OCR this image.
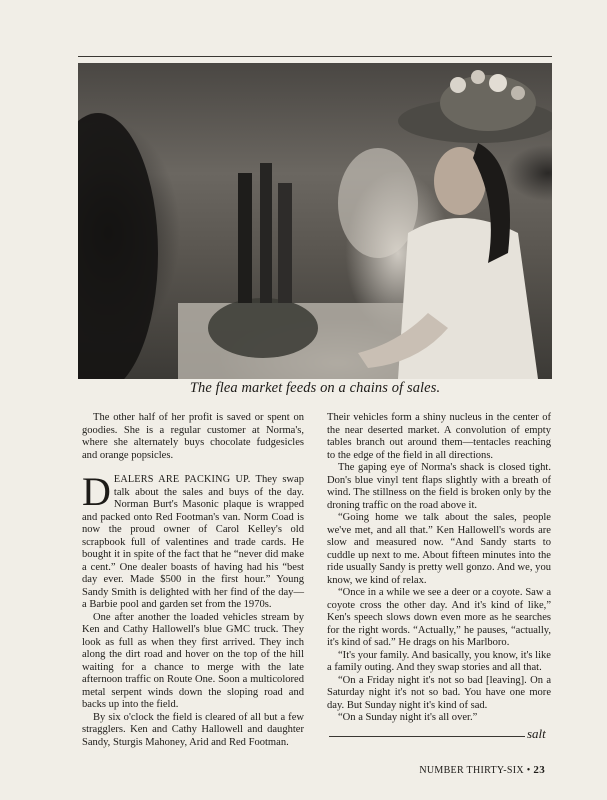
The flea market feeds on a chains of sales.

The other half of her profit is saved or spent on goodies. She is a regular customer at Norma's, where she alternately buys chocolate fudgesicles and orange popsicles.

DEALERS ARE PACKING UP. They swap talk about the sales and buys of the day. Norman Burt's Masonic plaque is wrapped and packed onto Red Footman's van. Norm Coad is now the proud owner of Carol Kelley's old scrapbook full of valentines and trade cards. He bought it in spite of the fact that he “never did make a cent.” One dealer boasts of having had his “best day ever. Made $500 in the first hour.” Young Sandy Smith is delighted with her find of the day—a Barbie pool and garden set from the 1970s.

One after another the loaded vehicles stream by Ken and Cathy Hallowell's blue GMC truck. They look as full as when they first arrived. They inch along the dirt road and hover on the top of the hill waiting for a chance to merge with the late afternoon traffic on Route One. Soon a multicolored metal serpent winds down the sloping road and backs up into the field.

By six o'clock the field is cleared of all but a few stragglers. Ken and Cathy Hallowell and daughter Sandy, Sturgis Mahoney, Arid and Red Footman.

Their vehicles form a shiny nucleus in the center of the near deserted market. A convolution of empty tables branch out around them—tentacles reaching to the edge of the field in all directions.

The gaping eye of Norma's shack is closed tight. Don's blue vinyl tent flaps slightly with a breath of wind. The stillness on the field is broken only by the droning traffic on the road above it.

“Going home we talk about the sales, people we've met, and all that.” Ken Hallowell's words are slow and measured now. “And Sandy starts to cuddle up next to me. About fifteen minutes into the ride usually Sandy is pretty well gonzo. And we, you know, we kind of relax.

“Once in a while we see a deer or a coyote. Saw a coyote cross the other day. And it's kind of like,” Ken's speech slows down even more as he searches for the right words. “Actually,” he pauses, “actually, it's kind of sad.” He drags on his Marlboro.

“It's your family. And basically, you know, it's like a family outing. And they swap stories and all that.

“On a Friday night it's not so bad [leaving]. On a Saturday night it's not so bad. You have one more day. But Sunday night it's kind of sad.

“On a Sunday night it's all over.”

salt
NUMBER THIRTY-SIX • 23
